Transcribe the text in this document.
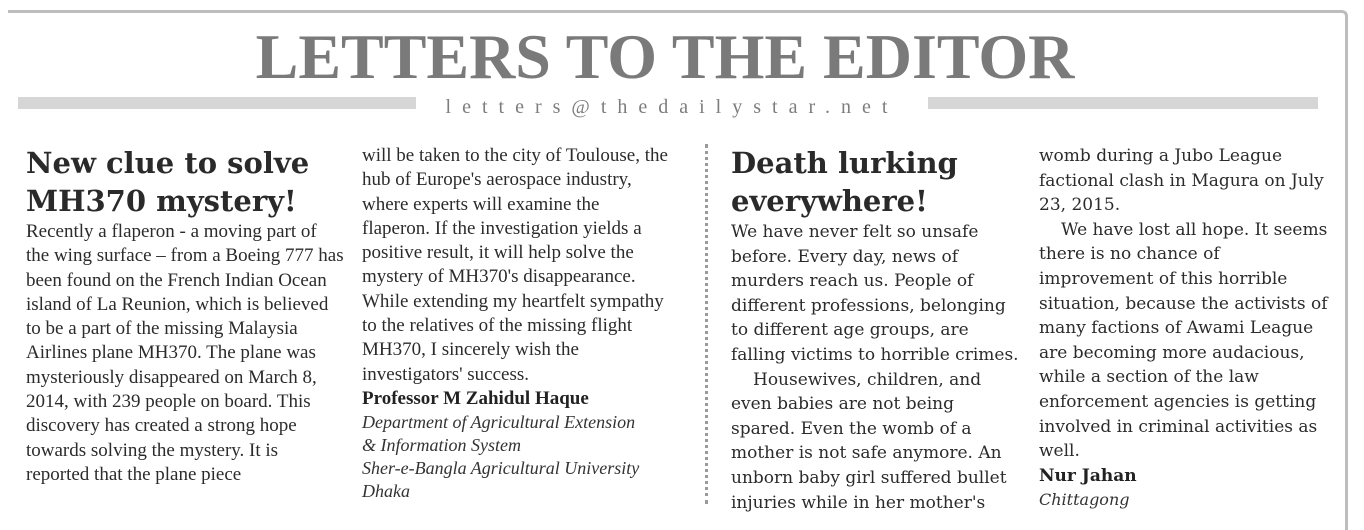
LETTERS TO THE EDITOR
letters@thedailystar.net
New clue to solve
MH370 mystery!

Recently a flaperon - a moving part of the wing surface – from a Boeing 777 has been found on the French Indian Ocean island of La Reunion, which is believed to be a part of the missing Malaysia Airlines plane MH370. The plane was mysteriously disappeared on March 8, 2014, with 239 people on board. This discovery has created a strong hope towards solving the mystery. It is reported that the plane piece

will be taken to the city of Toulouse, the hub of Europe's aerospace industry, where experts will examine the flaperon. If the investigation yields a positive result, it will help solve the mystery of MH370's disappearance. While extending my heartfelt sympathy to the relatives of the missing flight MH370, I sincerely wish the investigators' success.

Professor M Zahidul Haque

Department of Agricultural Extension

& Information System

Sher-e-Bangla Agricultural University

Dhaka

Death lurking
everywhere!

We have never felt so unsafe before. Every day, news of murders reach us. People of different professions, belonging to different age groups, are falling victims to horrible crimes.

Housewives, children, and even babies are not being spared. Even the womb of a mother is not safe anymore. An unborn baby girl suffered bullet injuries while in her mother's

womb during a Jubo League factional clash in Magura on July 23, 2015.

We have lost all hope. It seems there is no chance of improvement of this horrible situation, because the activists of many factions of Awami League are becoming more audacious, while a section of the law enforcement agencies is getting involved in criminal activities as well.

Nur Jahan

Chittagong
